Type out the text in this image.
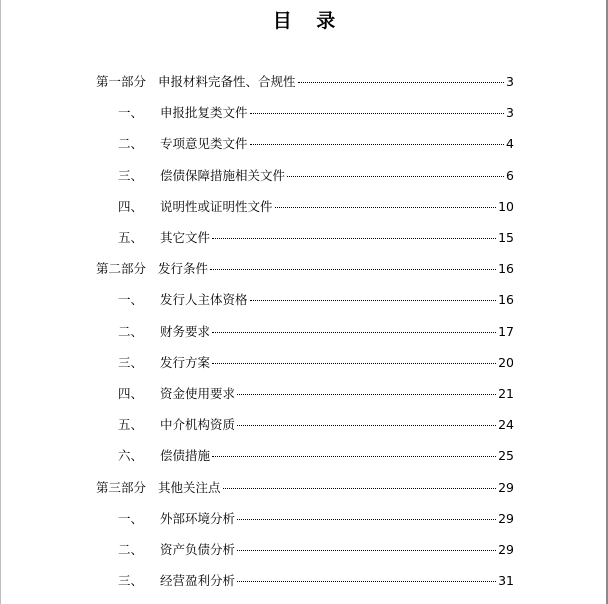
目 录
第一部分 申报材料完备性、合规性	3
一、	申报批复类文件	3
二、	专项意见类文件	4
三、	偿债保障措施相关文件	6
四、	说明性或证明性文件	10
五、	其它文件	15
第二部分 发行条件	16
一、	发行人主体资格	16
二、	财务要求	17
三、	发行方案	20
四、	资金使用要求	21
五、	中介机构资质	24
六、	偿债措施	25
第三部分 其他关注点	29
一、	外部环境分析	29
二、	资产负债分析	29
三、	经营盈利分析	31
